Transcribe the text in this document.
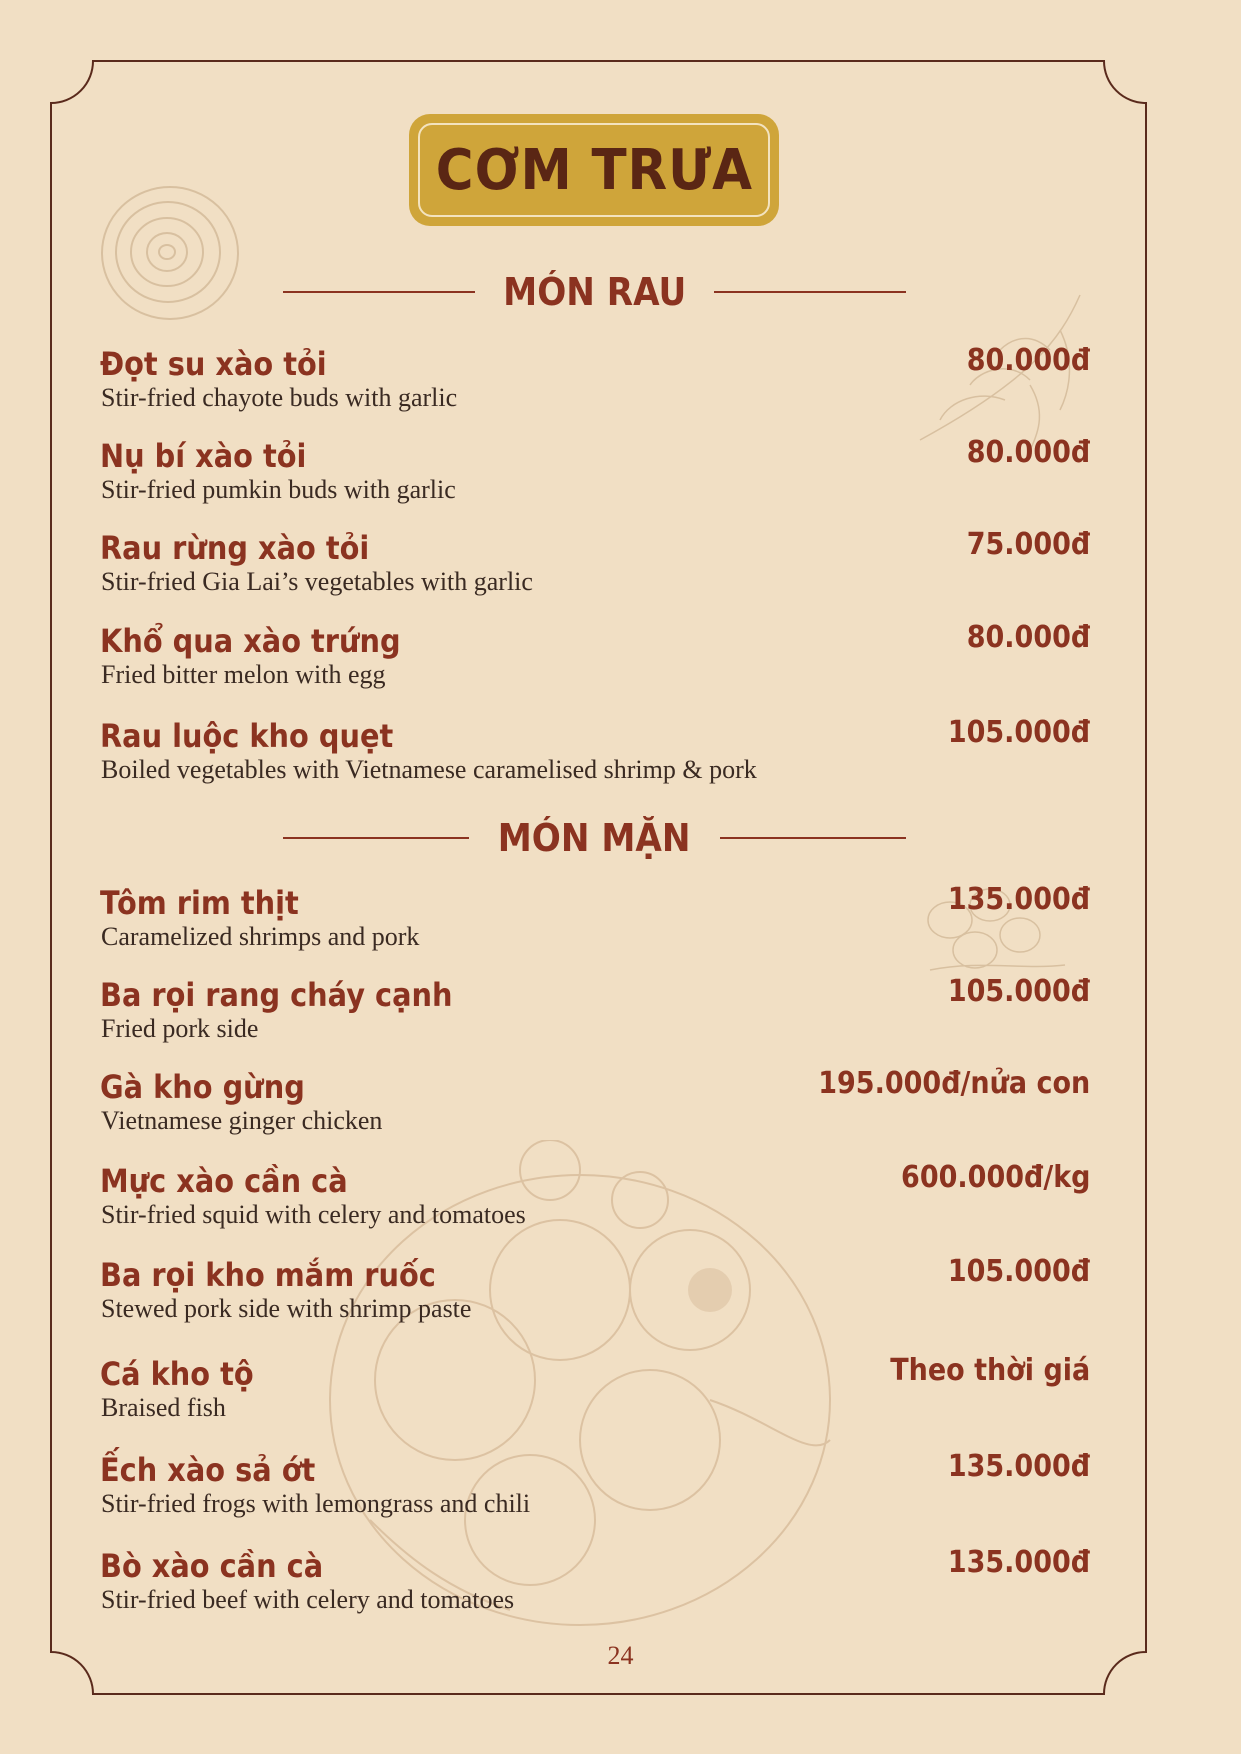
CƠM TRƯA
MÓN RAU
Đọt su xào tỏi	80.000đ
Stir-fried chayote buds with garlic
Nụ bí xào tỏi	80.000đ
Stir-fried pumkin buds with garlic
Rau rừng xào tỏi	75.000đ
Stir-fried Gia Lai’s vegetables with garlic
Khổ qua xào trứng	80.000đ
Fried bitter melon with egg
Rau luộc kho quẹt	105.000đ
Boiled vegetables with Vietnamese caramelised shrimp & pork
MÓN MẶN
Tôm rim thịt	135.000đ
Caramelized shrimps and pork
Ba rọi rang cháy cạnh	105.000đ
Fried pork side
Gà kho gừng	195.000đ/nửa con
Vietnamese ginger chicken
Mực xào cần cà	600.000đ/kg
Stir-fried squid with celery and tomatoes
Ba rọi kho mắm ruốc	105.000đ
Stewed pork side with shrimp paste
Cá kho tộ	Theo thời giá
Braised fish
Ếch xào sả ớt	135.000đ
Stir-fried frogs with lemongrass and chili
Bò xào cần cà	135.000đ
Stir-fried beef with celery and tomatoes
24
